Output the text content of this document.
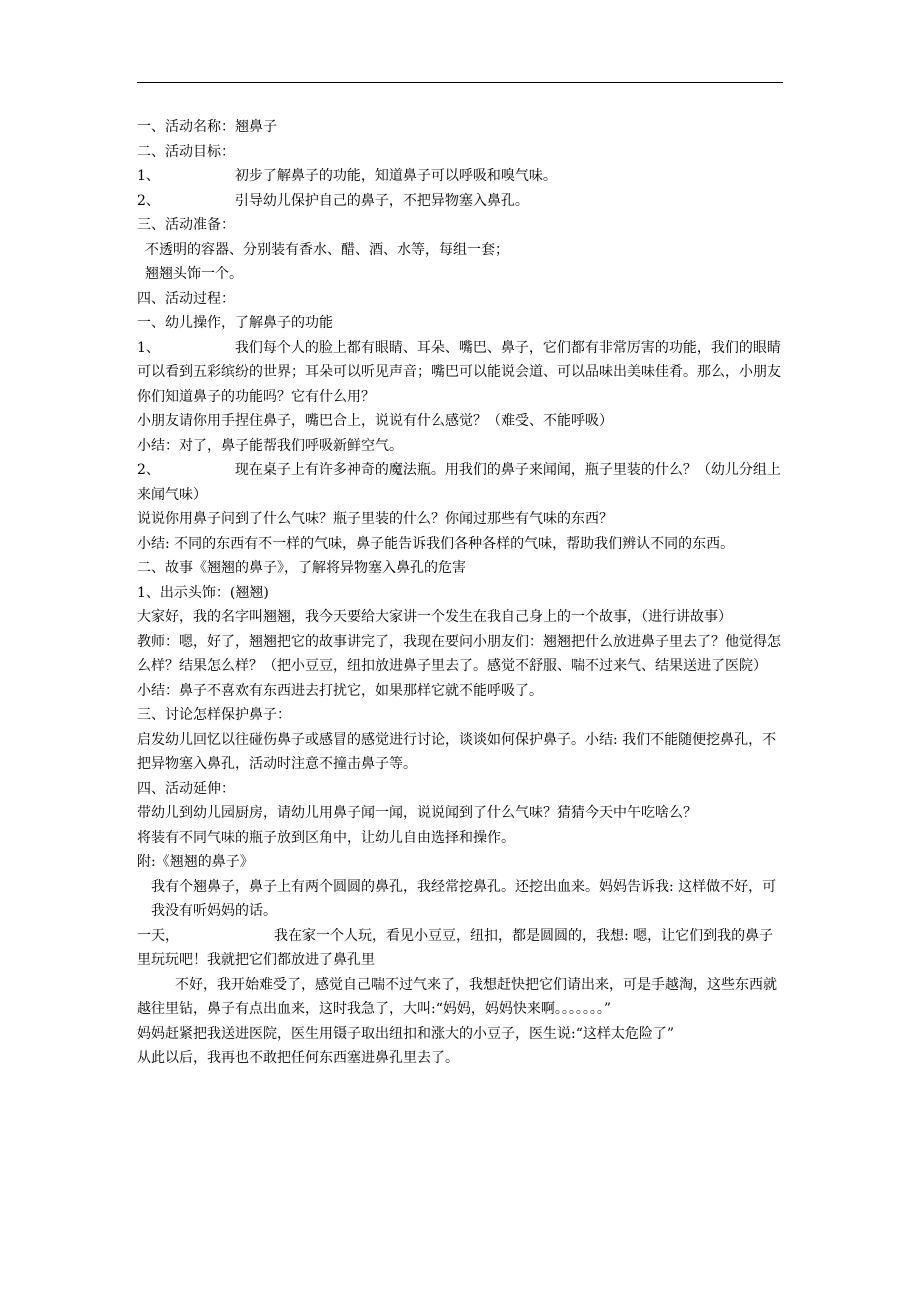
一、活动名称：翘鼻子

二、活动目标：

1、	初步了解鼻子的功能，知道鼻子可以呼吸和嗅气味。

2、	引导幼儿保护自己的鼻子，不把异物塞入鼻孔。

三、活动准备：

不透明的容器、分别装有香水、醋、酒、水等，每组一套；

翘翘头饰一个。

四、活动过程：

一、幼儿操作，了解鼻子的功能

1、	我们每个人的脸上都有眼睛、耳朵、嘴巴、鼻子，它们都有非常厉害的功能，我们的眼睛可以看到五彩缤纷的世界；耳朵可以听见声音；嘴巴可以能说会道、可以品味出美味佳肴。那么，小朋友你们知道鼻子的功能吗？它有什么用？

小朋友请你用手捏住鼻子，嘴巴合上，说说有什么感觉？（难受、不能呼吸）

小结：对了，鼻子能帮我们呼吸新鲜空气。

2、	现在桌子上有许多神奇的魔法瓶。用我们的鼻子来闻闻，瓶子里装的什么？（幼儿分组上来闻气味）

说说你用鼻子问到了什么气味？瓶子里装的什么？你闻过那些有气味的东西？

小结: 不同的东西有不一样的气味，鼻子能告诉我们各种各样的气味，帮助我们辨认不同的东西。

二、故事《翘翘的鼻子》，了解将异物塞入鼻孔的危害

1、出示头饰：(翘翘)

大家好，我的名字叫翘翘，我今天要给大家讲一个发生在我自己身上的一个故事，（进行讲故事）

教师：嗯，好了，翘翘把它的故事讲完了，我现在要问小朋友们：翘翘把什么放进鼻子里去了？他觉得怎么样？结果怎么样？（把小豆豆，纽扣放进鼻子里去了。感觉不舒服、喘不过来气、结果送进了医院）

小结：鼻子不喜欢有东西进去打扰它，如果那样它就不能呼吸了。

三、讨论怎样保护鼻子：

启发幼儿回忆以往碰伤鼻子或感冒的感觉进行讨论，谈谈如何保护鼻子。小结: 我们不能随便挖鼻孔，不把异物塞入鼻孔，活动时注意不撞击鼻子等。

四、活动延伸：

带幼儿到幼儿园厨房，请幼儿用鼻子闻一闻，说说闻到了什么气味？猜猜今天中午吃啥么？

将装有不同气味的瓶子放到区角中，让幼儿自由选择和操作。

附:《翘翘的鼻子》

我有个翘鼻子，鼻子上有两个圆圆的鼻孔，我经常挖鼻孔。还挖出血来。妈妈告诉我: 这样做不好，可我没有听妈妈的话。

一天，	我在家一个人玩，看见小豆豆，纽扣，都是圆圆的，我想: 嗯，让它们到我的鼻子里玩玩吧！我就把它们都放进了鼻孔里

不好，我开始难受了，感觉自己喘不过气来了，我想赶快把它们请出来，可是手越淘，这些东西就越往里钻，鼻子有点出血来，这时我急了，大叫:“妈妈，妈妈快来啊。。。。。。。”

妈妈赶紧把我送进医院，医生用镊子取出纽扣和涨大的小豆子，医生说:“这样太危险了”

从此以后，我再也不敢把任何东西塞进鼻孔里去了。
